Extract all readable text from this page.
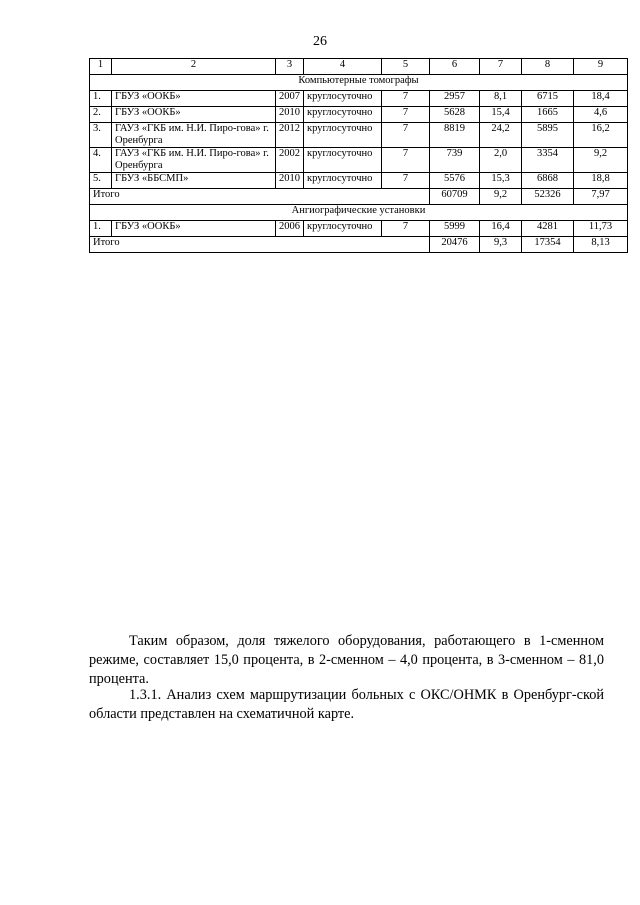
26
1	2	3	4	5	6	7	8	9
Компьютерные томографы								
1.	ГБУЗ «ООКБ»	2007	круглосуточно	7	2957	8,1	6715	18,4
2.	ГБУЗ «ООКБ»	2010	круглосуточно	7	5628	15,4	1665	4,6
3.	ГАУЗ «ГКБ им. Н.И. Пиро-гова» г. Оренбурга	2012	круглосуточно	7	8819	24,2	5895	16,2
4.	ГАУЗ «ГКБ им. Н.И. Пиро-гова» г. Оренбурга	2002	круглосуточно	7	739	2,0	3354	9,2
5.	ГБУЗ «ББСМП»	2010	круглосуточно	7	5576	15,3	6868	18,8
Итого					60709	9,2	52326	7,97
Ангиографические установки								
1.	ГБУЗ «ООКБ»	2006	круглосуточно	7	5999	16,4	4281	11,73
Итого					20476	9,3	17354	8,13
Таким образом, доля тяжелого оборудования, работающего в 1-сменном режиме, составляет 15,0 процента, в 2-сменном – 4,0 процента, в 3-сменном – 81,0 процента.
1.3.1. Анализ схем маршрутизации больных с ОКС/ОНМК в Оренбург-ской области представлен на схематичной карте.
